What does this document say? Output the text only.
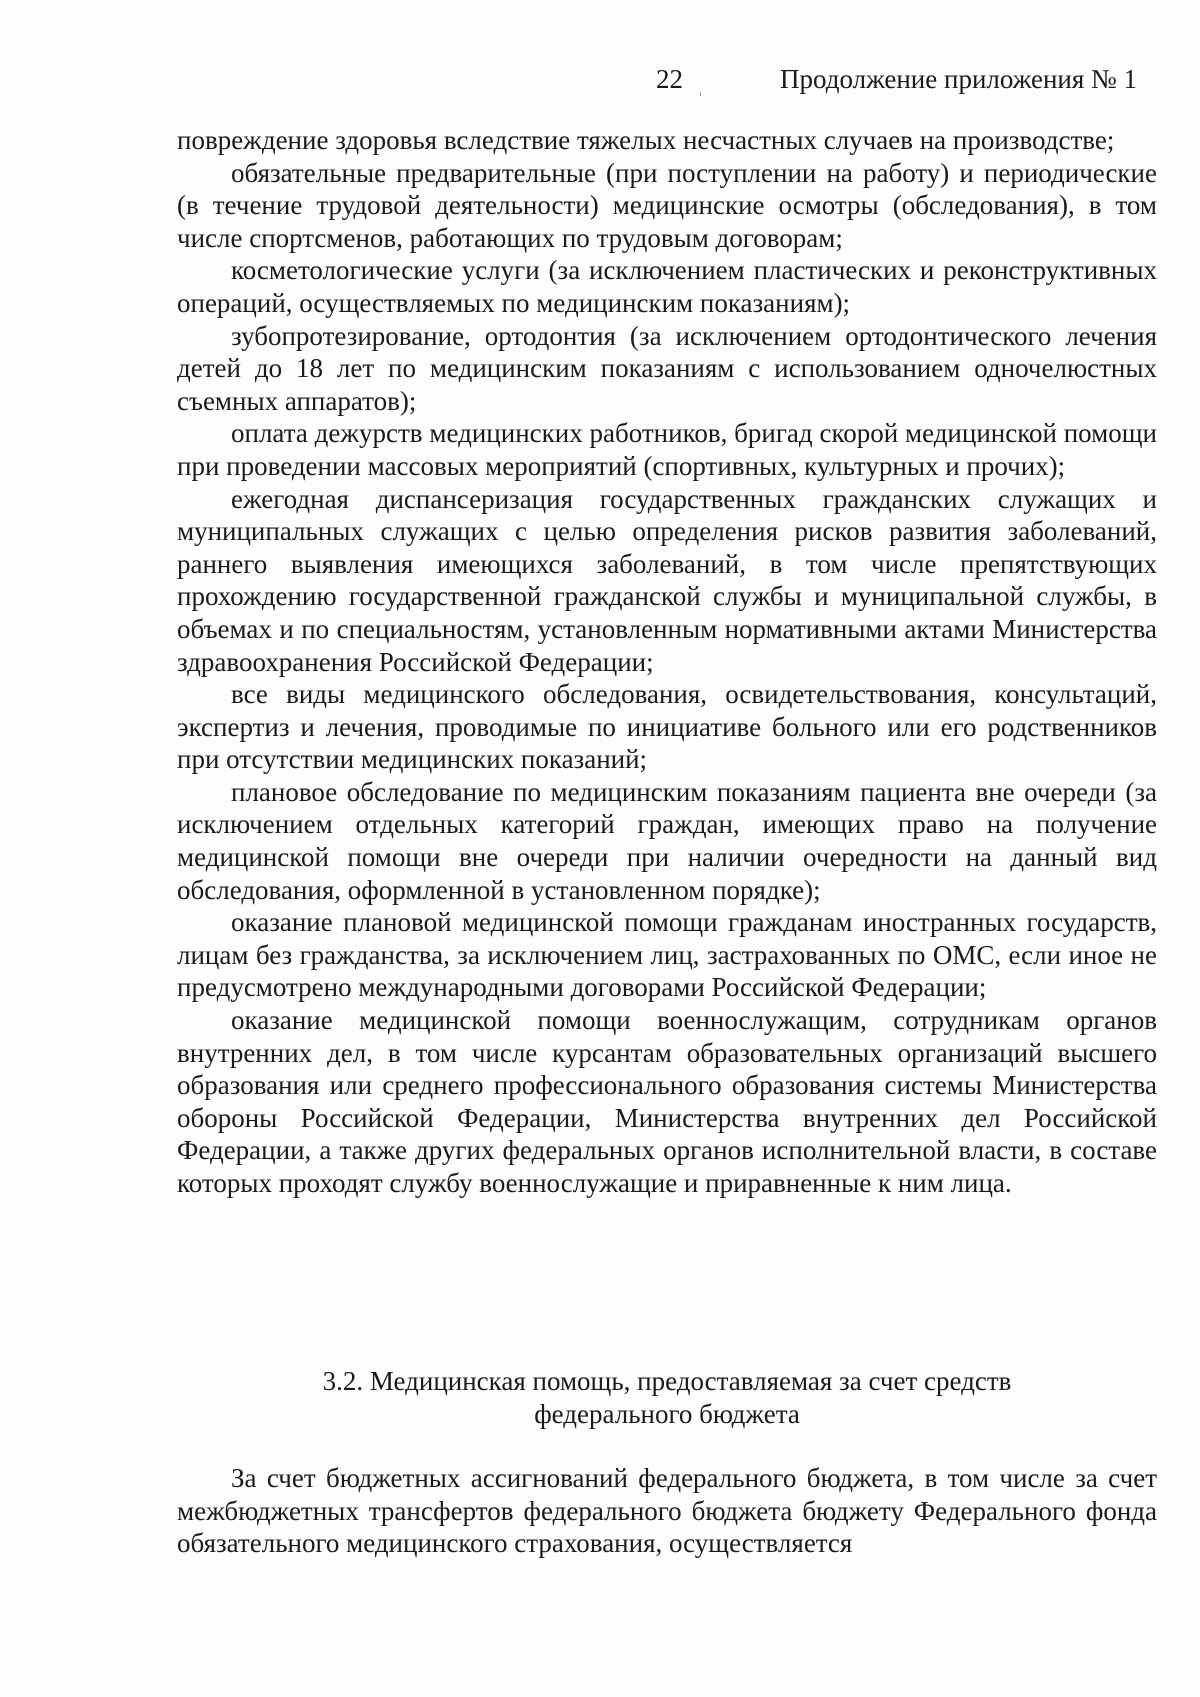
22	Продолжение приложения № 1

повреждение здоровья вследствие тяжелых несчастных случаев на производстве;

обязательные предварительные (при поступлении на работу) и периодические (в течение трудовой деятельности) медицинские осмотры (обследования), в том числе спортсменов, работающих по трудовым договорам;

косметологические услуги (за исключением пластических и реконструктивных операций, осуществляемых по медицинским показаниям);

зубопротезирование, ортодонтия (за исключением ортодонтического лечения детей до 18 лет по медицинским показаниям с использованием одночелюстных съемных аппаратов);

оплата дежурств медицинских работников, бригад скорой медицинской помощи при проведении массовых мероприятий (спортивных, культурных и прочих);

ежегодная диспансеризация государственных гражданских служащих и муниципальных служащих с целью определения рисков развития заболеваний, раннего выявления имеющихся заболеваний, в том числе препятствующих прохождению государственной гражданской службы и муниципальной службы, в объемах и по специальностям, установленным нормативными актами Министерства здравоохранения Российской Федерации;

все виды медицинского обследования, освидетельствования, консультаций, экспертиз и лечения, проводимые по инициативе больного или его родственников при отсутствии медицинских показаний;

плановое обследование по медицинским показаниям пациента вне очереди (за исключением отдельных категорий граждан, имеющих право на получение медицинской помощи вне очереди при наличии очередности на данный вид обследования, оформленной в установленном порядке);

оказание плановой медицинской помощи гражданам иностранных государств, лицам без гражданства, за исключением лиц, застрахованных по ОМС, если иное не предусмотрено международными договорами Российской Федерации;

оказание медицинской помощи военнослужащим, сотрудникам органов внутренних дел, в том числе курсантам образовательных организаций высшего образования или среднего профессионального образования системы Министерства обороны Российской Федерации, Министерства внутренних дел Российской Федерации, а также других федеральных органов исполнительной власти, в составе которых проходят службу военнослужащие и приравненные к ним лица.

3.2. Медицинская помощь, предоставляемая за счет средств
федерального бюджета

За счет бюджетных ассигнований федерального бюджета, в том числе за счет межбюджетных трансфертов федерального бюджета бюджету Федерального фонда обязательного медицинского страхования, осуществляется
